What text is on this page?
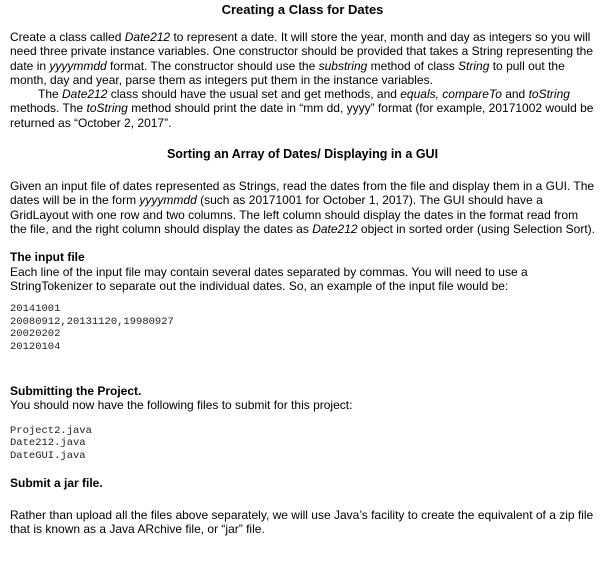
Creating a Class for Dates

Create a class called Date212 to represent a date. It will store the year, month and day as integers so you will need three private instance variables. One constructor should be provided that takes a String representing the date in yyyymmdd format. The constructor should use the substring method of class String to pull out the month, day and year, parse them as integers put them in the instance variables.

The Date212 class should have the usual set and get methods, and equals, compareTo and toString methods. The toString method should print the date in “mm dd, yyyy” format (for example, 20171002 would be returned as “October 2, 2017”.

Sorting an Array of Dates/ Displaying in a GUI

Given an input file of dates represented as Strings, read the dates from the file and display them in a GUI. The dates will be in the form yyyymmdd (such as 20171001 for October 1, 2017). The GUI should have a GridLayout with one row and two columns. The left column should display the dates in the format read from the file, and the right column should display the dates as Date212 object in sorted order (using Selection Sort).

The input file

Each line of the input file may contain several dates separated by commas. You will need to use a StringTokenizer to separate out the individual dates. So, an example of the input file would be:

20141001

20080912,20131120,19980927

20020202

20120104

Submitting the Project.

You should now have the following files to submit for this project:

Project2.java

Date212.java

DateGUI.java

Submit a jar file.

Rather than upload all the files above separately, we will use Java’s facility to create the equivalent of a zip file that is known as a Java ARchive file, or “jar” file.
